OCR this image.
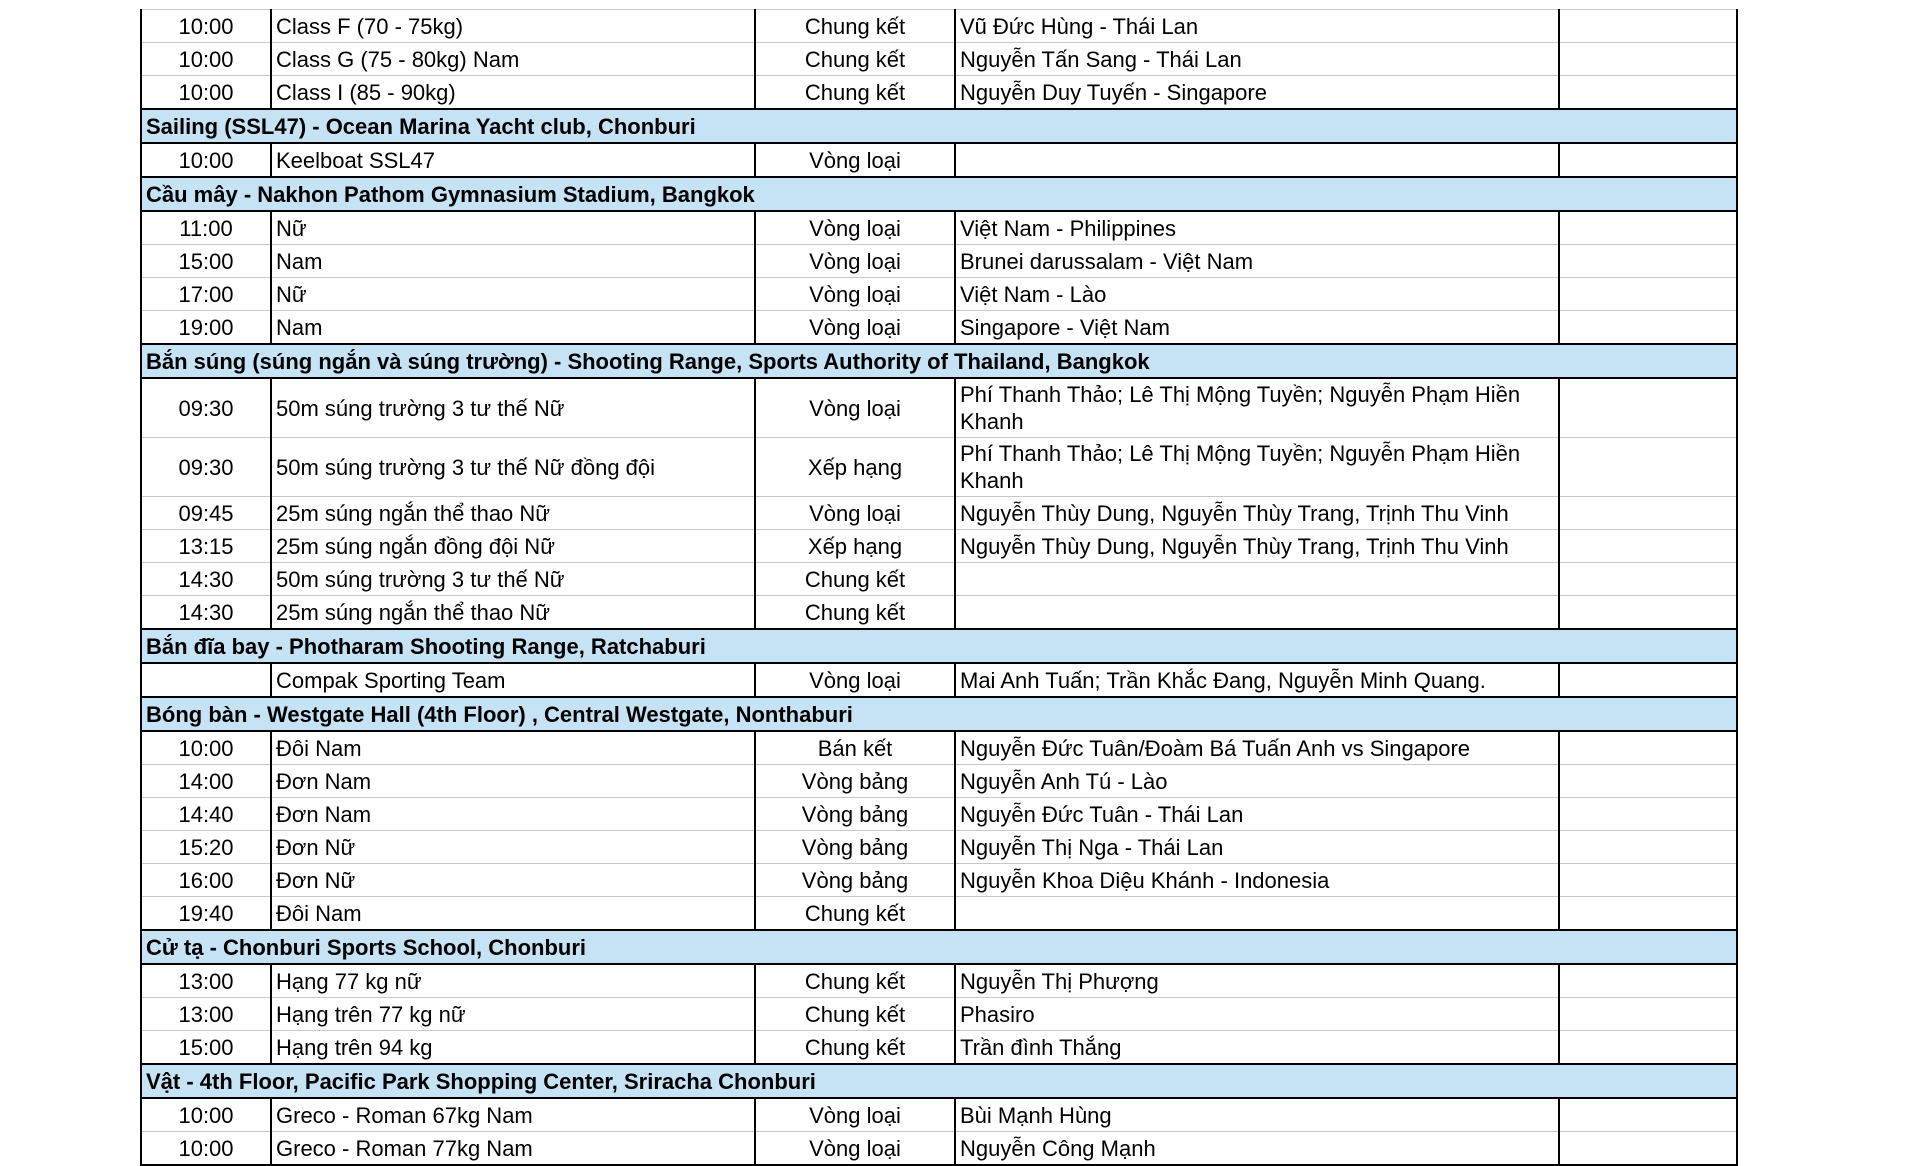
10:00	Class F (70 - 75kg)	Chung kết	Vũ Đức Hùng - Thái Lan	
10:00	Class G (75 - 80kg) Nam	Chung kết	Nguyễn Tấn Sang - Thái Lan	
10:00	Class I (85 - 90kg)	Chung kết	Nguyễn Duy Tuyến - Singapore	
Sailing (SSL47) - Ocean Marina Yacht club, Chonburi				
10:00	Keelboat SSL47	Vòng loại		
Cầu mây - Nakhon Pathom Gymnasium Stadium, Bangkok				
11:00	Nữ	Vòng loại	Việt Nam - Philippines	
15:00	Nam	Vòng loại	Brunei darussalam - Việt Nam	
17:00	Nữ	Vòng loại	Việt Nam - Lào	
19:00	Nam	Vòng loại	Singapore - Việt Nam	
Bắn súng (súng ngắn và súng trường) - Shooting Range, Sports Authority of Thailand, Bangkok				
09:30	50m súng trường 3 tư thế Nữ	Vòng loại	Phí Thanh Thảo; Lê Thị Mộng Tuyền; Nguyễn Phạm Hiền Khanh	
09:30	50m súng trường 3 tư thế Nữ đồng đội	Xếp hạng	Phí Thanh Thảo; Lê Thị Mộng Tuyền; Nguyễn Phạm Hiền Khanh	
09:45	25m súng ngắn thể thao Nữ	Vòng loại	Nguyễn Thùy Dung, Nguyễn Thùy Trang, Trịnh Thu Vinh	
13:15	25m súng ngắn đồng đội Nữ	Xếp hạng	Nguyễn Thùy Dung, Nguyễn Thùy Trang, Trịnh Thu Vinh	
14:30	50m súng trường 3 tư thế Nữ	Chung kết		
14:30	25m súng ngắn thể thao Nữ	Chung kết		
Bắn đĩa bay - Photharam Shooting Range, Ratchaburi				
	Compak Sporting Team	Vòng loại	Mai Anh Tuấn; Trần Khắc Đang, Nguyễn Minh Quang.	
Bóng bàn - Westgate Hall (4th Floor) , Central Westgate, Nonthaburi				
10:00	Đôi Nam	Bán kết	Nguyễn Đức Tuân/Đoàm Bá Tuấn Anh vs Singapore	
14:00	Đơn Nam	Vòng bảng	Nguyễn Anh Tú - Lào	
14:40	Đơn Nam	Vòng bảng	Nguyễn Đức Tuân - Thái Lan	
15:20	Đơn Nữ	Vòng bảng	Nguyễn Thị Nga - Thái Lan	
16:00	Đơn Nữ	Vòng bảng	Nguyễn Khoa Diệu Khánh - Indonesia	
19:40	Đôi Nam	Chung kết		
Cử tạ - Chonburi Sports School, Chonburi				
13:00	Hạng 77 kg nữ	Chung kết	Nguyễn Thị Phượng	
13:00	Hạng trên 77 kg nữ	Chung kết	Phasiro	
15:00	Hạng trên 94 kg	Chung kết	Trần đình Thắng	
Vật - 4th Floor, Pacific Park Shopping Center, Sriracha Chonburi				
10:00	Greco - Roman 67kg Nam	Vòng loại	Bùi Mạnh Hùng	
10:00	Greco - Roman 77kg Nam	Vòng loại	Nguyễn Công Mạnh	
